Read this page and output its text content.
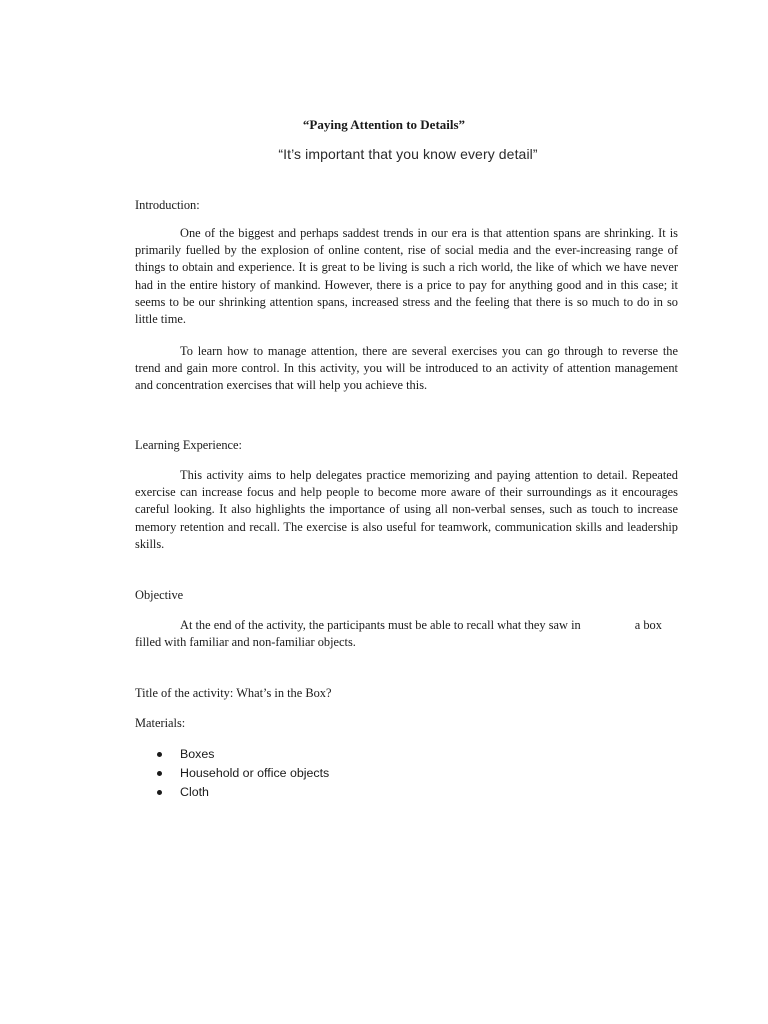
“Paying Attention to Details”
“It’s important that you know every detail”
Introduction:

One of the biggest and perhaps saddest trends in our era is that attention spans are shrinking. It is primarily fuelled by the explosion of online content, rise of social media and the ever-increasing range of things to obtain and experience. It is great to be living is such a rich world, the like of which we have never had in the entire history of mankind. However, there is a price to pay for anything good and in this case; it seems to be our shrinking attention spans, increased stress and the feeling that there is so much to do in so little time.

To learn how to manage attention, there are several exercises you can go through to reverse the trend and gain more control. In this activity, you will be introduced to an activity of attention management and concentration exercises that will help you achieve this.

Learning Experience:

This activity aims to help delegates practice memorizing and paying attention to detail. Repeated exercise can increase focus and help people to become more aware of their surroundings as it encourages careful looking. It also highlights the importance of using all non-verbal senses, such as touch to increase memory retention and recall. The exercise is also useful for teamwork, communication skills and leadership skills.

Objective
At the end of the activity, the participants must be able to recall what they saw in	a box
filled with familiar and non-familiar objects.
Title of the activity: What’s in the Box?
Materials:
Boxes
Household or office objects
Cloth
